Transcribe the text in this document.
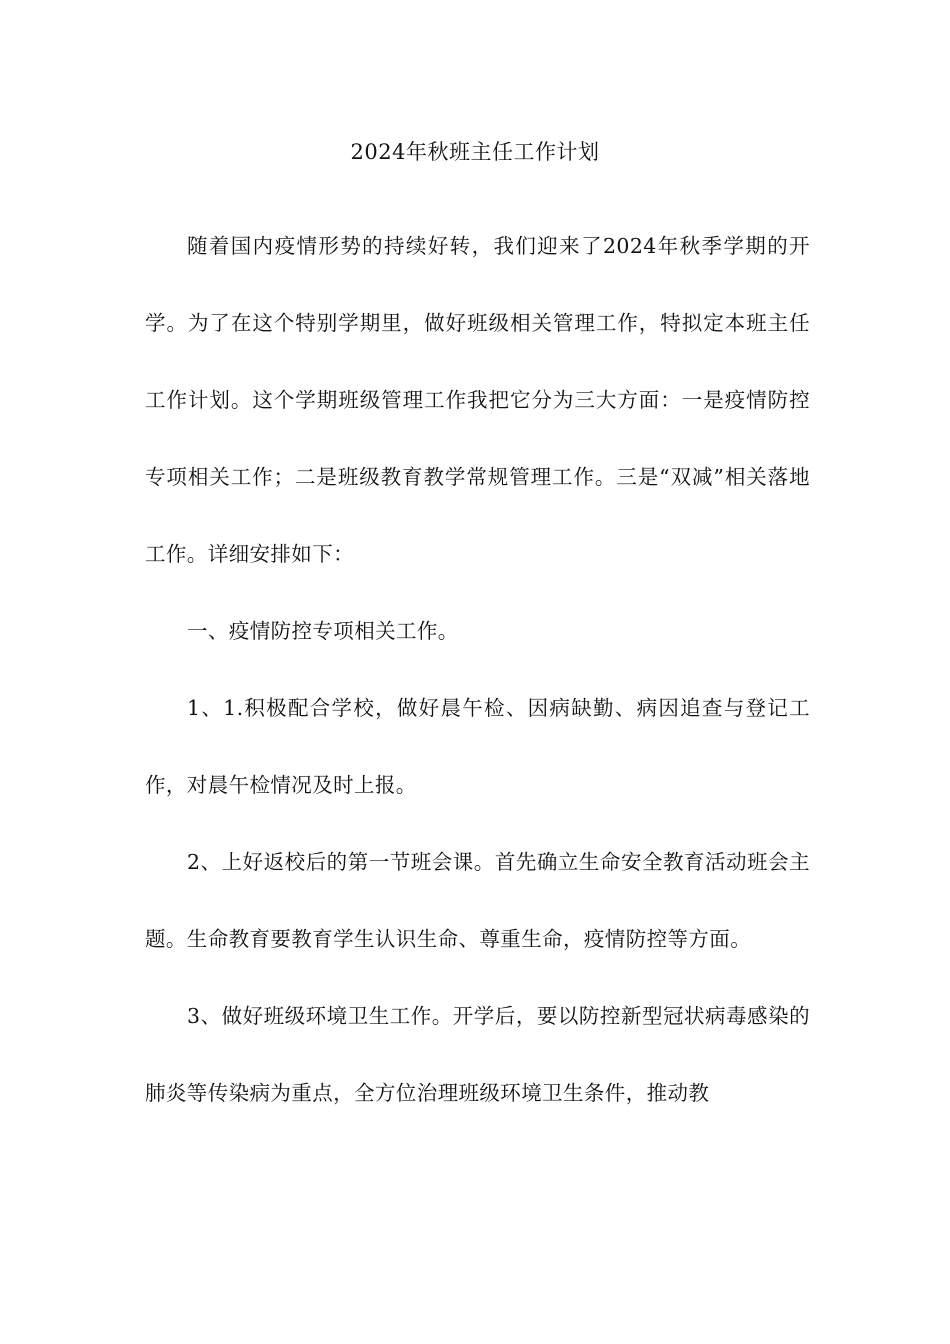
2024年秋班主任工作计划

随着国内疫情形势的持续好转，我们迎来了2024年秋季学期的开学。为了在这个特别学期里，做好班级相关管理工作，特拟定本班主任工作计划。这个学期班级管理工作我把它分为三大方面：一是疫情防控专项相关工作；二是班级教育教学常规管理工作。三是“双减”相关落地工作。详细安排如下：

一、疫情防控专项相关工作。

1、1.积极配合学校，做好晨午检、因病缺勤、病因追查与登记工作，对晨午检情况及时上报。

2、上好返校后的第一节班会课。首先确立生命安全教育活动班会主题。生命教育要教育学生认识生命、尊重生命，疫情防控等方面。

3、做好班级环境卫生工作。开学后，要以防控新型冠状病毒感染的肺炎等传染病为重点，全方位治理班级环境卫生条件，推动教
